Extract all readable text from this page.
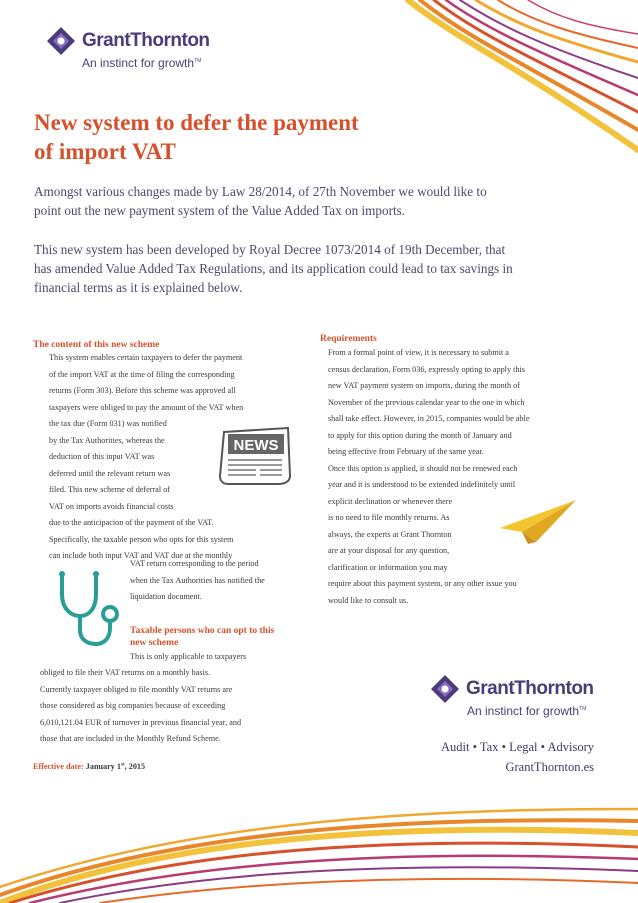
GrantThornton
An instinct for growth™
New system to defer the payment
of import VAT
Amongst various changes made by Law 28/2014, of 27th November we would like to
point out the new payment system of the Value Added Tax on imports.
This new system has been developed by Royal Decree 1073/2014 of 19th December, that
has amended Value Added Tax Regulations, and its application could lead to tax savings in
financial terms as it is explained below.
The content of this new scheme
This system enables certain taxpayers to defer the payment
of the import VAT at the time of filing the corresponding
returns (Form 303). Before this scheme was approved all
taxpayers were obliged to pay the amount of the VAT when
the tax due (Form 031) was notified
by the Tax Authorities, whereas the
deduction of this input VAT was
deferred until the relevant return was
filed. This new scheme of deferral of
VAT on imports avoids financial costs
due to the anticipacion of the payment of the VAT.
Specifically, the taxable person who opts for this system
can include both input VAT and VAT due at the monthly
VAT return corresponding to the period
when the Tax Authorities has notified the
liquidation document.
Taxable persons who can opt to this
new scheme
This is only applicable to taxpayers
obliged to file their VAT returns on a monthly basis.
Currently taxpayer obliged to file monthly VAT returns are
those considered as big companies because of exceeding
6,010,121.04 EUR of turnover in previous financial year, and
those that are included in the Monthly Refund Scheme.
Requirements
From a formal point of view, it is necessary to submit a
census declaration, Form 036, expressly opting to apply this
new VAT payment system on imports, during the month of
November of the previous calendar year to the one in which
shall take effect. However, in 2015, companies would be able
to apply for this option during the month of January and
being effective from February of the same year.
Once this option is applied, it should not be renewed each
year and it is understood to be extended indefinitely until
explicit declination or whenever there
is no need to file monthly returns. As
always, the experts at Grant Thornton
are at your disposal for any question,
clarification or information you may
require about this payment system, or any other issue you
would like to consult us.
NEWS
Effective date: January 1st, 2015
GrantThornton
An instinct for growth™
Audit • Tax • Legal • Advisory
GrantThornton.es
